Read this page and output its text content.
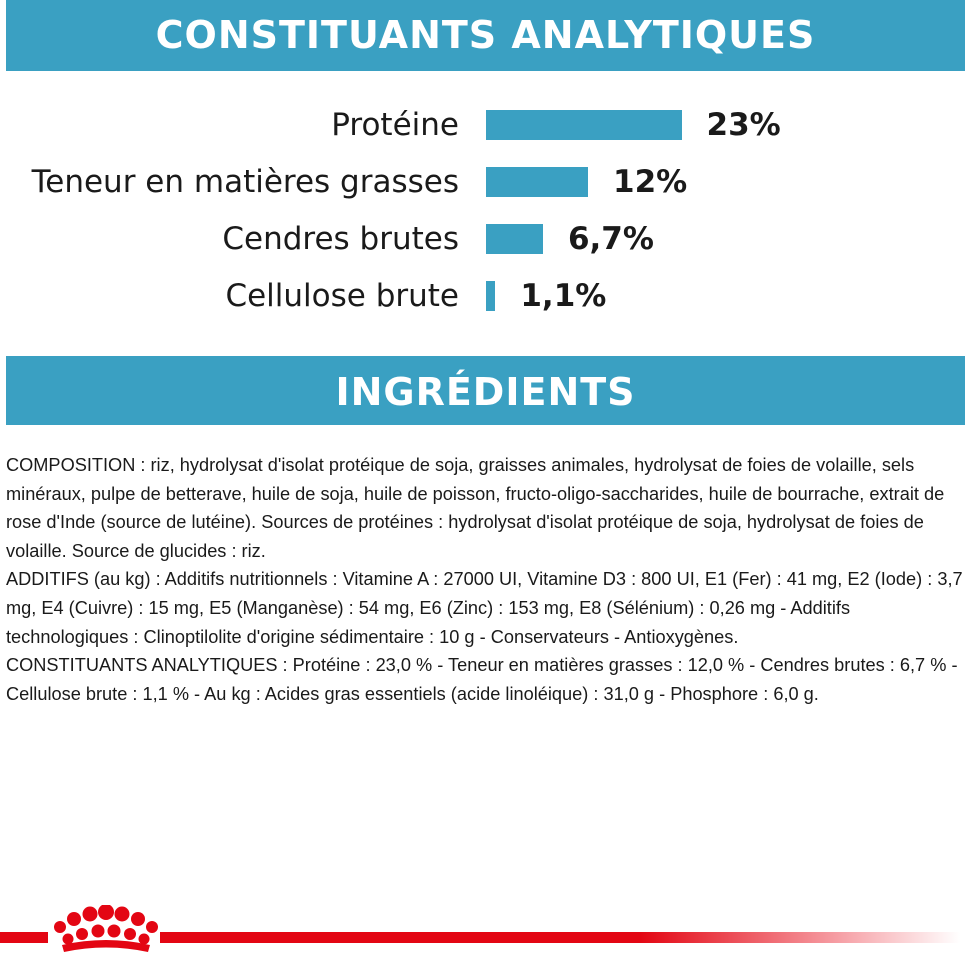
CONSTITUANTS ANALYTIQUES
Protéine	23%
Teneur en matières grasses	12%
Cendres brutes	6,7%
Cellulose brute 1,1%
INGRÉDIENTS

COMPOSITION : riz, hydrolysat d'isolat protéique de soja, graisses animales, hydrolysat de foies de volaille, sels minéraux, pulpe de betterave, huile de soja, huile de poisson, fructo-oligo-saccharides, huile de bourrache, extrait de rose d'Inde (source de lutéine). Sources de protéines : hydrolysat d'isolat protéique de soja, hydrolysat de foies de volaille. Source de glucides : riz.

ADDITIFS (au kg) : Additifs nutritionnels : Vitamine A : 27000 UI, Vitamine D3 : 800 UI, E1 (Fer) : 41 mg, E2 (Iode) : 3,7 mg, E4 (Cuivre) : 15 mg, E5 (Manganèse) : 54 mg, E6 (Zinc) : 153 mg, E8 (Sélénium) : 0,26 mg - Additifs technologiques : Clinoptilolite d'origine sédimentaire : 10 g - Conservateurs - Antioxygènes.

CONSTITUANTS ANALYTIQUES : Protéine : 23,0 % - Teneur en matières grasses : 12,0 % - Cendres brutes : 6,7 % - Cellulose brute : 1,1 % - Au kg : Acides gras essentiels (acide linoléique) : 31,0 g - Phosphore : 6,0 g.
